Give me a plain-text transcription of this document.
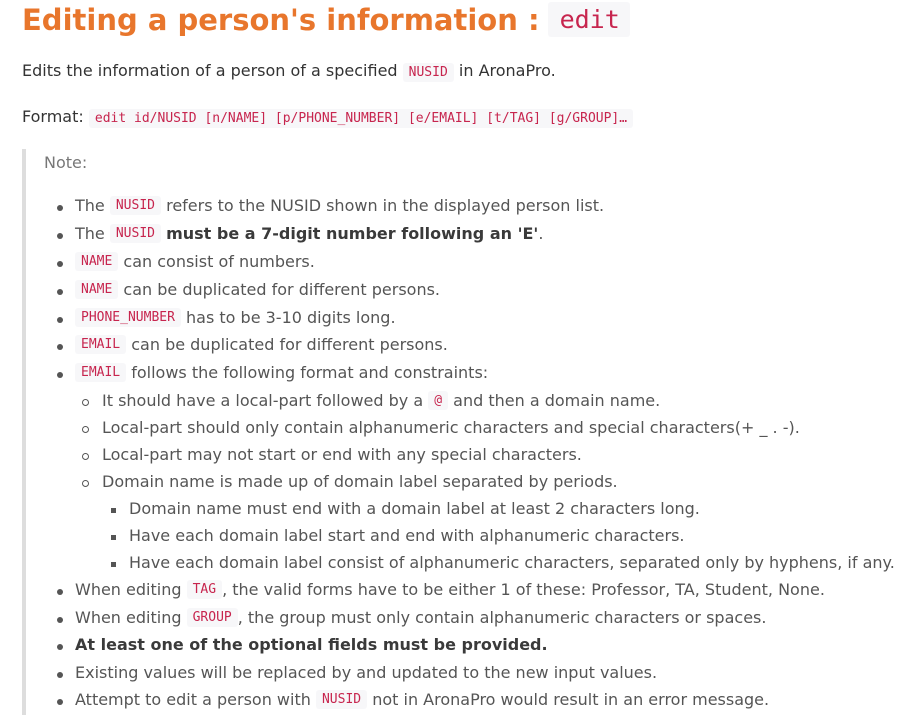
Editing a person's information : edit

Edits the information of a person of a specified NUSID in AronaPro.

Format: edit id/NUSID [n/NAME] [p/PHONE_NUMBER] [e/EMAIL] [t/TAG] [g/GROUP]…

Note:
The
NUSID
refers to the NUSID shown in the displayed person list.
The
NUSID
must be a 7-digit number following an 'E' .
NAME
can consist of numbers.
NAME
can be duplicated for different persons.
PHONE_NUMBER
has to be 3-10 digits long.
EMAIL
can be duplicated for different persons.
EMAIL
follows the following format and constraints:
It should have a local-part followed by a
@
and then a domain name.
Local-part should only contain alphanumeric characters and special characters(+ _ . -).
Local-part may not start or end with any special characters.
Domain name is made up of domain label separated by periods.
Domain name must end with a domain label at least 2 characters long.
Have each domain label start and end with alphanumeric characters.
Have each domain label consist of alphanumeric characters, separated only by hyphens, if any.
When editing
TAG , the valid forms have to be either 1 of these: Professor, TA, Student, None.
When editing
GROUP , the group must only contain alphanumeric characters or spaces.
At least one of the optional fields must be provided.
Existing values will be replaced by and updated to the new input values.
Attempt to edit a person with
NUSID
not in AronaPro would result in an error message.
